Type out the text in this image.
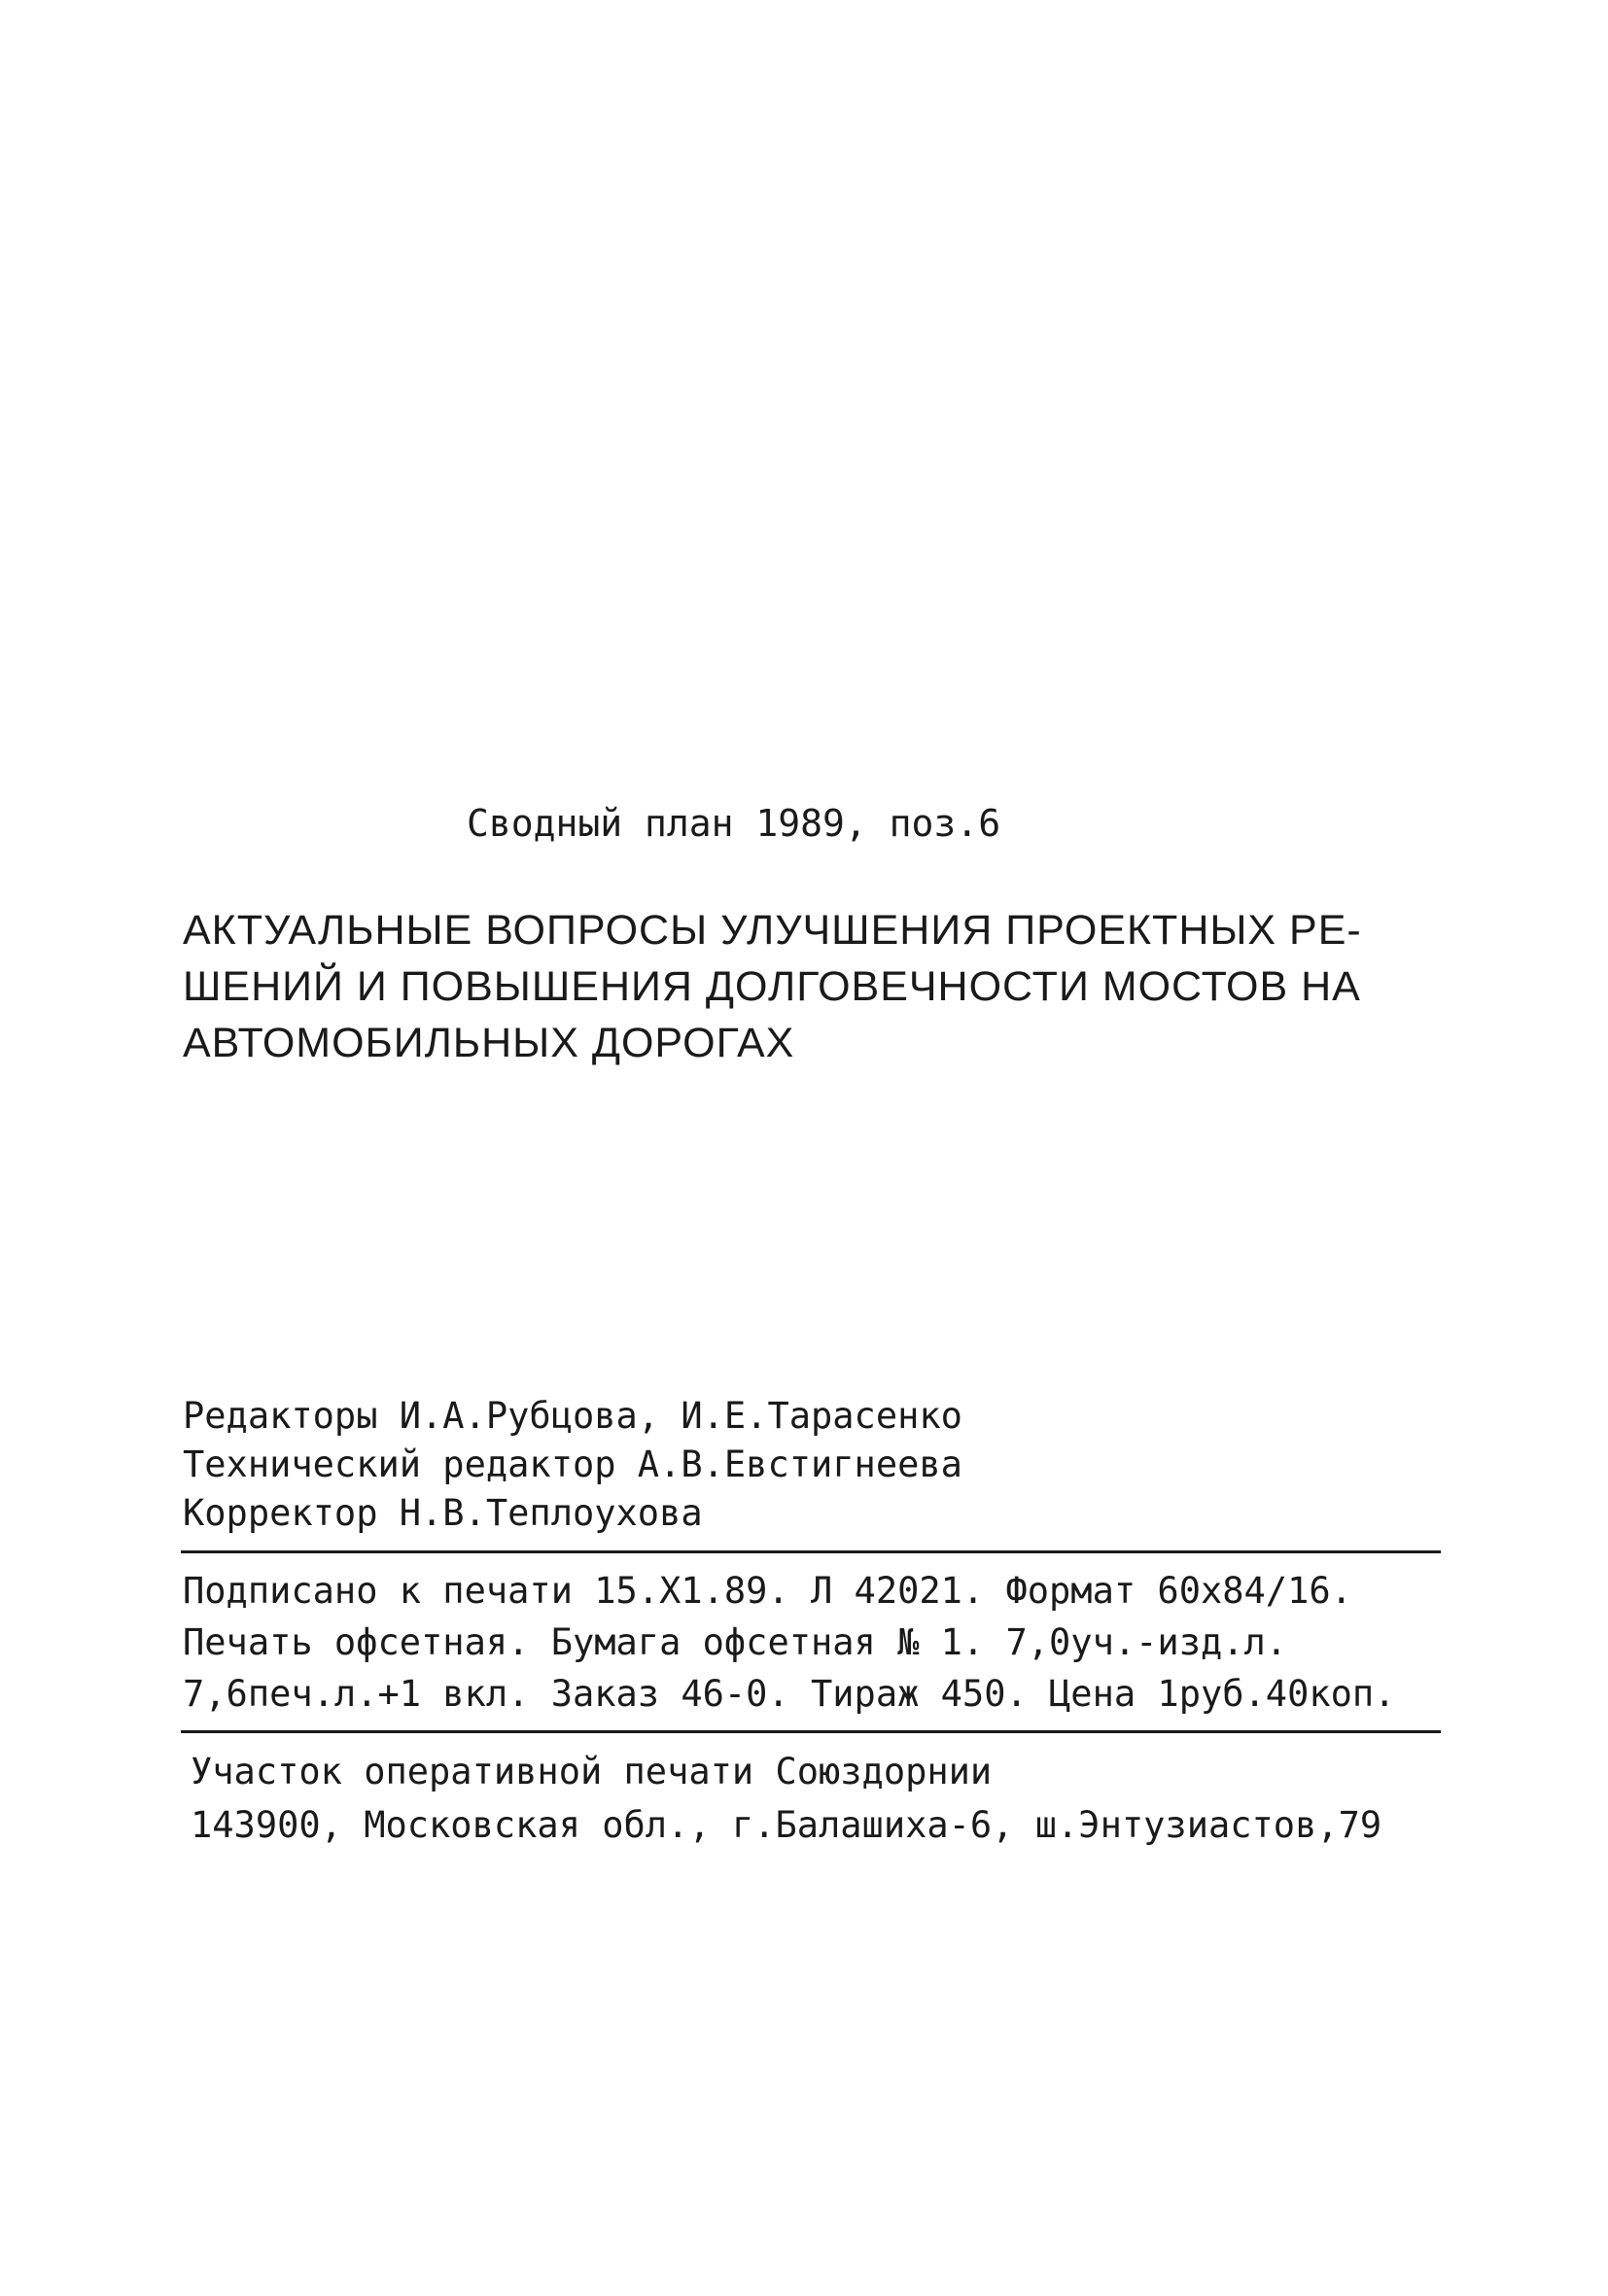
Сводный план 1989, поз.6
АКТУАЛЬНЫЕ ВОПРОСЫ УЛУЧШЕНИЯ ПРОЕКТНЫХ РЕ-
ШЕНИЙ И ПОВЫШЕНИЯ ДОЛГОВЕЧНОСТИ МОСТОВ НА
АВТОМОБИЛЬНЫХ ДОРОГАХ
Редакторы И.А.Рубцова, И.Е.Тарасенко
Технический редактор А.В.Евстигнеева
Корректор Н.В.Теплоухова
Подписано к печати 15.Х1.89. Л 42021. Формат 60х84/16.
Печать офсетная. Бумага офсетная № 1. 7,0уч.-изд.л.
7,6печ.л.+1 вкл. Заказ 46-0. Тираж 450. Цена 1руб.40коп.
Участок оперативной печати Союздорнии
143900, Московская обл., г.Балашиха-6, ш.Энтузиастов,79
